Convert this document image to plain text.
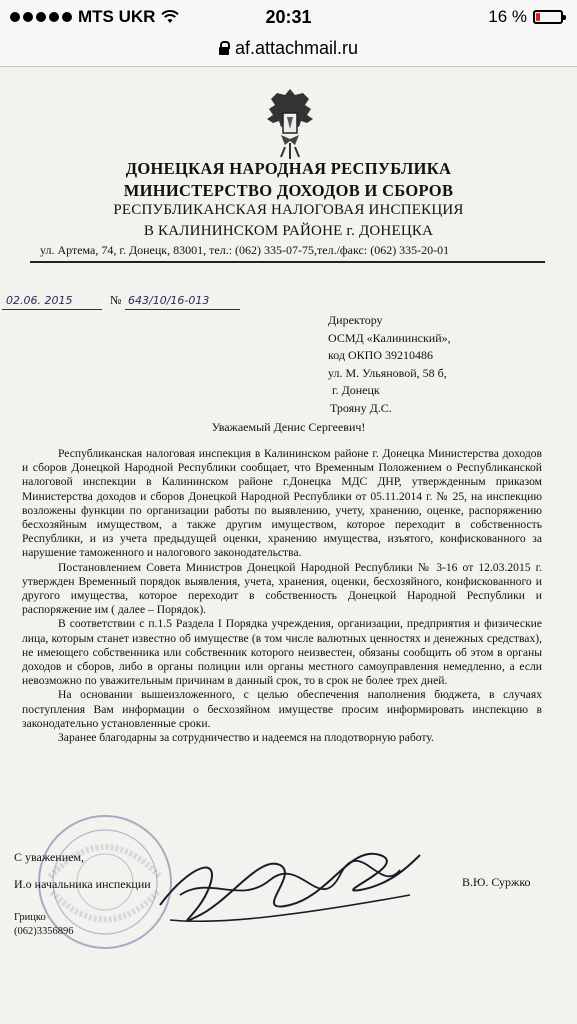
MTS UKR	20:31	16 %
af.attachmail.ru
ДОНЕЦКАЯ НАРОДНАЯ РЕСПУБЛИКА
МИНИСТЕРСТВО ДОХОДОВ И СБОРОВ
РЕСПУБЛИКАНСКАЯ НАЛОГОВАЯ ИНСПЕКЦИЯ
В КАЛИНИНСКОМ РАЙОНЕ г. ДОНЕЦКА
ул. Артема, 74, г. Донецк, 83001, тел.: (062) 335-07-75,тел./факс: (062) 335-20-01
02.06. 2015	№ 643/10/16-013
Директору
ОСМД «Калининский»,
код ОКПО 39210486
ул. М. Ульяновой, 58 б,
г. Донецк
Трояну Д.С.
Уважаемый Денис Сергеевич!

Республиканская налоговая инспекция в Калининском районе г. Донецка Министерства доходов и сборов Донецкой Народной Республики сообщает, что Временным Положением о Республиканской налоговой инспекции в Калининском районе г.Донецка МДС ДНР, утвержденным приказом Министерства доходов и сборов Донецкой Народной Республики от 05.11.2014 г. № 25, на инспекцию возложены функции по организации работы по выявлению, учету, хранению, оценке, распоряжению бесхозяйным имуществом, а также другим имуществом, которое переходит в собственность Республики, и из учета предыдущей оценки, хранению имущества, изъятого, конфискованного за нарушение таможенного и налогового законодательства.

Постановлением Совета Министров Донецкой Народной Республики № 3-16 от 12.03.2015 г. утвержден Временный порядок выявления, учета, хранения, оценки, бесхозяйного, конфискованного и другого имущества, которое переходит в собственность Донецкой Народной Республики и распоряжение им ( далее – Порядок).

В соответствии с п.1.5 Раздела I Порядка учреждения, организации, предприятия и физические лица, которым станет известно об имуществе (в том числе валютных ценностях и денежных средствах), не имеющего собственника или собственник которого неизвестен, обязаны сообщить об этом в органы доходов и сборов, либо в органы полиции или органы местного самоуправления немедленно, а если невозможно по уважительным причинам в данный срок, то в срок не более трех дней.

На основании вышеизложенного, с целью обеспечения наполнения бюджета, в случаях поступления Вам информации о бесхозяйном имуществе просим информировать инспекцию в законодательно установленные сроки.

Заранее благодарны за сотрудничество и надеемся на плодотворную работу.

С уважением,
И.о начальника инспекции	В.Ю. Суржко
Грицко
(062)3356896
